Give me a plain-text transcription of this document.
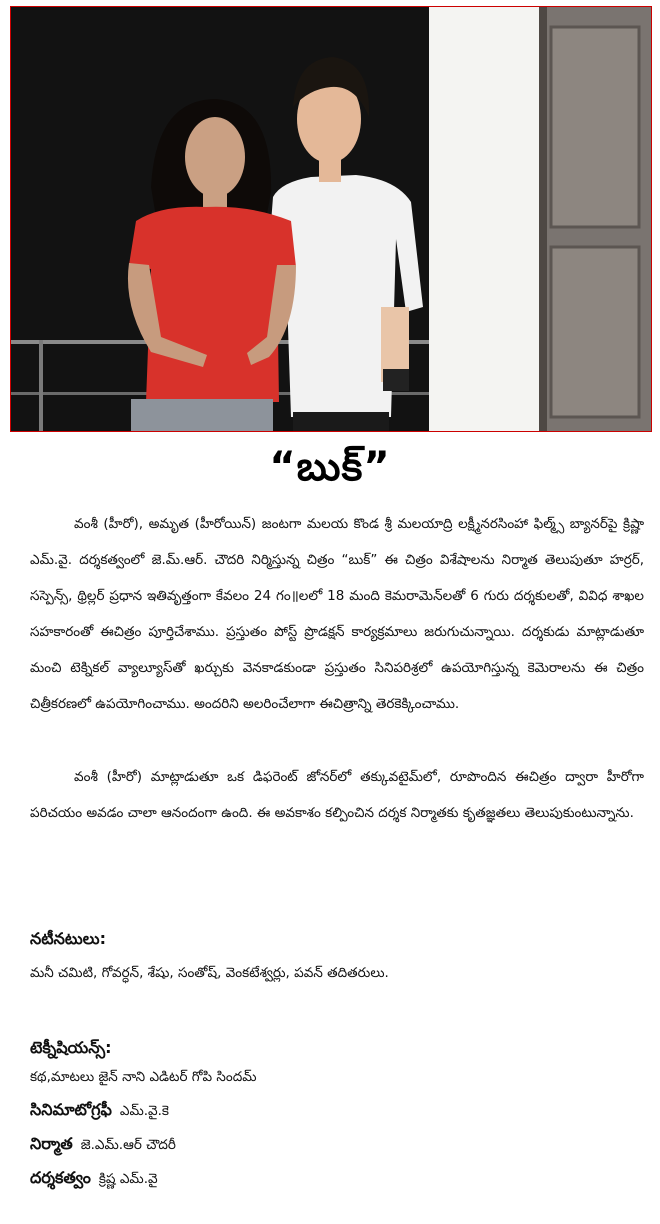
“బుక్”

వంశీ (హీరో), అమృత (హీరోయిన్) జంటగా మలయ కొండ శ్రీ మలయాద్రి లక్ష్మీనరసింహా ఫిల్మ్స్ బ్యానర్‌పై క్రిష్ణా ఎమ్.వై. దర్శకత్వంలో జె.మ్.ఆర్. చౌదరి నిర్మిస్తున్న చిత్రం “బుక్” ఈ చిత్రం విశేషాలను నిర్మాత తెలుపుతూ హర్రర్, సస్పెన్స్, థ్రిల్లర్ ప్రధాన ఇతివృత్తంగా కేవలం 24 గం॥లలో 18 మంది కెమరామెన్‌లతో 6 గురు దర్శకులతో, వివిధ శాఖల సహకారంతో ఈచిత్రం పూర్తిచేశాము. ప్రస్తుతం పోస్ట్ ప్రొడక్షన్ కార్యక్రమాలు జరుగుచున్నాయి. దర్శకుడు మాట్లాడుతూ మంచి టెక్నికల్ వ్యాల్యూస్‌తో ఖర్చుకు వెనకాడకుండా ప్రస్తుతం సినిపరిశ్రలో ఉపయోగిస్తున్న కెమెరాలను ఈ చిత్రం చిత్రీకరణలో ఉపయోగించాము. అందరిని అలరించేలాగా ఈచిత్రాన్ని తెరకెక్కించాము.

వంశీ (హీరో) మాట్లాడుతూ ఒక డిఫరెంట్ జోనర్‌లో తక్కువటైమ్‌లో, రూపొందిన ఈచిత్రం ద్వారా హీరోగా పరిచయం అవడం చాలా ఆనందంగా ఉంది. ఈ అవకాశం కల్పించిన దర్శక నిర్మాతకు కృతజ్ఞతలు తెలుపుకుంటున్నాను.

నటీనటులు:
మనీ చమిటి, గోవర్ధన్, శేషు, సంతోష్, వెంకటేశ్వర్లు, పవన్ తదితరులు.
టెక్నీషియన్స్:
కథ,మాటలు జైన్ నాని ఎడిటర్ గోపి సిందమ్
సినిమాటోగ్రఫీ ఎమ్.వై.కె
నిర్మాత జె.ఎమ్.ఆర్ చౌదరీ
దర్శకత్వం క్రిష్ణ ఎమ్.వై
